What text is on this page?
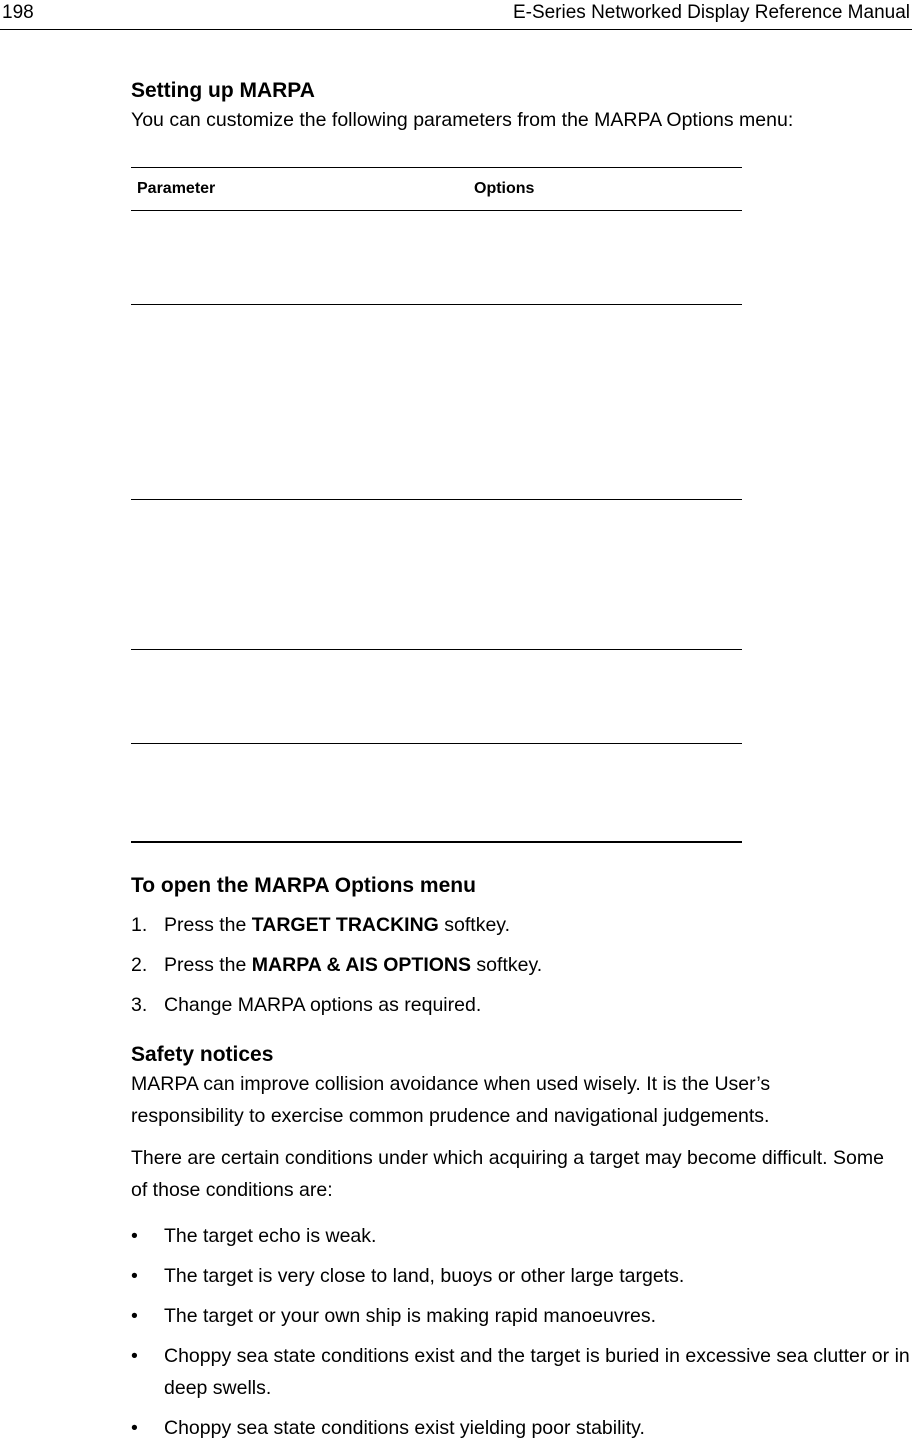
198	E-Series Networked Display Reference Manual
Setting up MARPA

You can customize the following parameters from the MARPA Options menu:

Parameter	Options

To open the MARPA Options menu
1. Press the TARGET TRACKING softkey.
2. Press the MARPA & AIS OPTIONS softkey.
3. Change MARPA options as required.
Safety notices

MARPA can improve collision avoidance when used wisely. It is the User’s responsibility to exercise common prudence and navigational judgements.

There are certain conditions under which acquiring a target may become difficult. Some of those conditions are:

• The target echo is weak.
• The target is very close to land, buoys or other large targets.
• The target or your own ship is making rapid manoeuvres.
• Choppy sea state conditions exist and the target is buried in excessive sea clutter or in deep swells.
• Choppy sea state conditions exist yielding poor stability.
